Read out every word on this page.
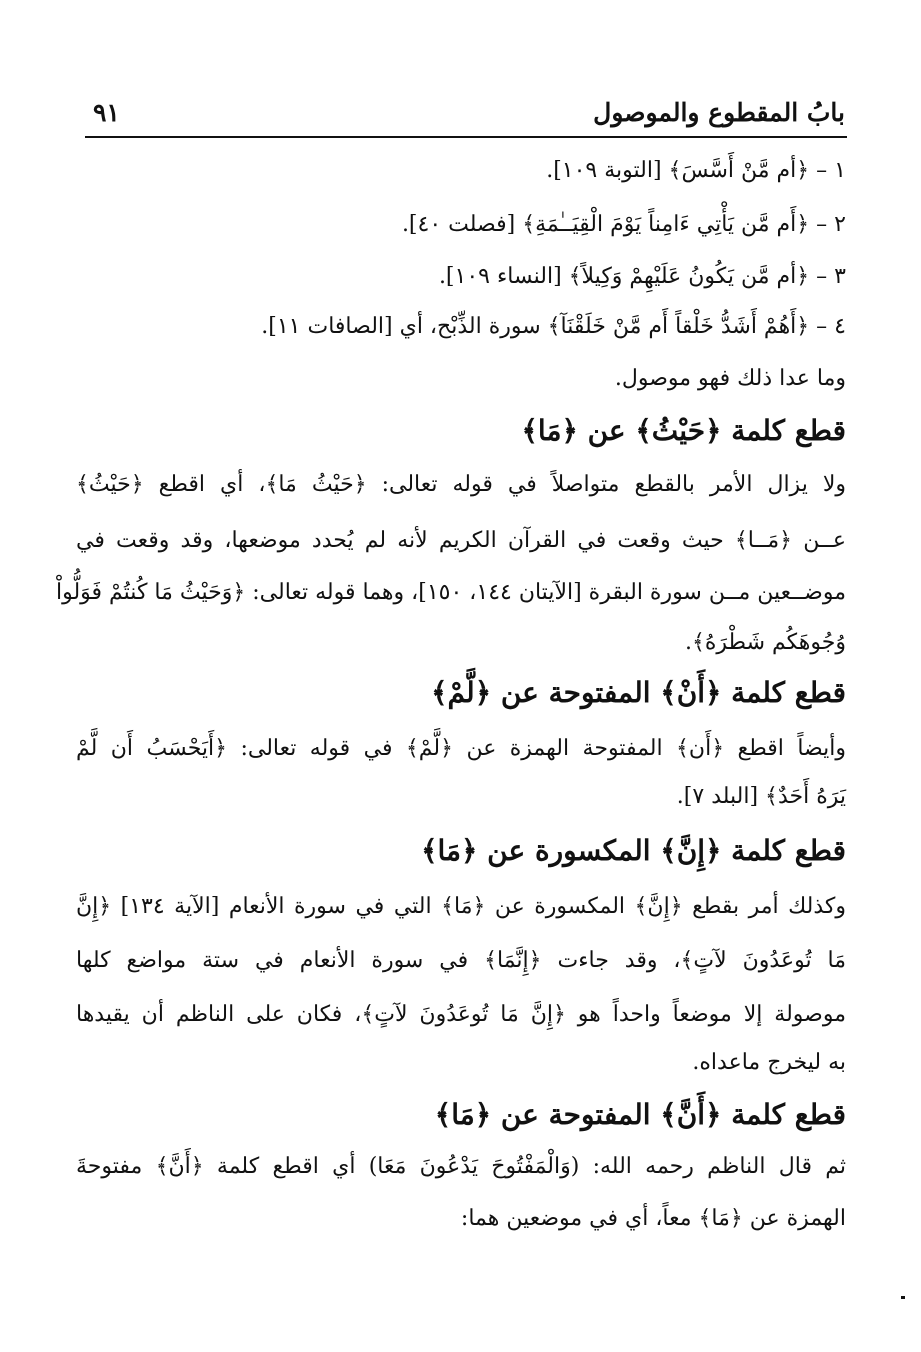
بابُ المقطوع والموصول
٩١
١ – ﴿أم مَّنْ أَسَّسَ﴾ [التوبة ١٠٩].
٢ – ﴿أَم مَّن يَأْتِي ءَامِناً يَوْمَ الْقِيَــٰمَةِ﴾ [فصلت ٤٠].
٣ – ﴿أم مَّن يَكُونُ عَلَيْهِمْ وَكِيلاً﴾ [النساء ١٠٩].
٤ – ﴿أَهُمْ أَشَدُّ خَلْقاً أَم مَّنْ خَلَقْنَآ﴾ سورة الذِّبْح، أي [الصافات ١١].
وما عدا ذلك فهو موصول.
قطع كلمة ﴿حَيْثُ﴾ عن ﴿مَا﴾
ولا يزال الأمر بالقطع متواصلاً في قوله تعالى: ﴿حَيْثُ مَا﴾، أي اقطع ﴿حَيْثُ﴾
عــن ﴿مَــا﴾ حيث وقعت في القرآن الكريم لأنه لم يُحدد موضعها، وقد وقعت في
موضــعين مــن سورة البقرة [الآيتان ١٤٤، ١٥٠]، وهما قوله تعالى: ﴿وَحَيْثُ مَا كُنتُمْ فَوَلُّواْ
وُجُوهَكُم شَطْرَهُ﴾.
قطع كلمة ﴿أَنْ﴾ المفتوحة عن ﴿لَّمْ﴾
وأيضاً اقطع ﴿أَن﴾ المفتوحة الهمزة عن ﴿لَّمْ﴾ في قوله تعالى: ﴿أَيَحْسَبُ أَن لَّمْ
يَرَهُ أَحَدٌ﴾ [البلد ٧].
قطع كلمة ﴿إِنَّ﴾ المكسورة عن ﴿مَا﴾
وكذلك أمر بقطع ﴿إِنَّ﴾ المكسورة عن ﴿مَا﴾ التي في سورة الأنعام [الآية ١٣٤] ﴿إِنَّ
مَا تُوعَدُونَ لآتٍ﴾، وقد جاءت ﴿إِنَّمَا﴾ في سورة الأنعام في ستة مواضع كلها
موصولة إلا موضعاً واحداً هو ﴿إِنَّ مَا تُوعَدُونَ لآتٍ﴾، فكان على الناظم أن يقيدها
به ليخرج ماعداه.
قطع كلمة ﴿أَنَّ﴾ المفتوحة عن ﴿مَا﴾
ثم قال الناظم رحمه الله: (وَالْمَفْتُوحَ يَدْعُونَ مَعَا) أي اقطع كلمة ﴿أَنَّ﴾ مفتوحةَ
الهمزة عن ﴿مَا﴾ معاً، أي في موضعين هما:
